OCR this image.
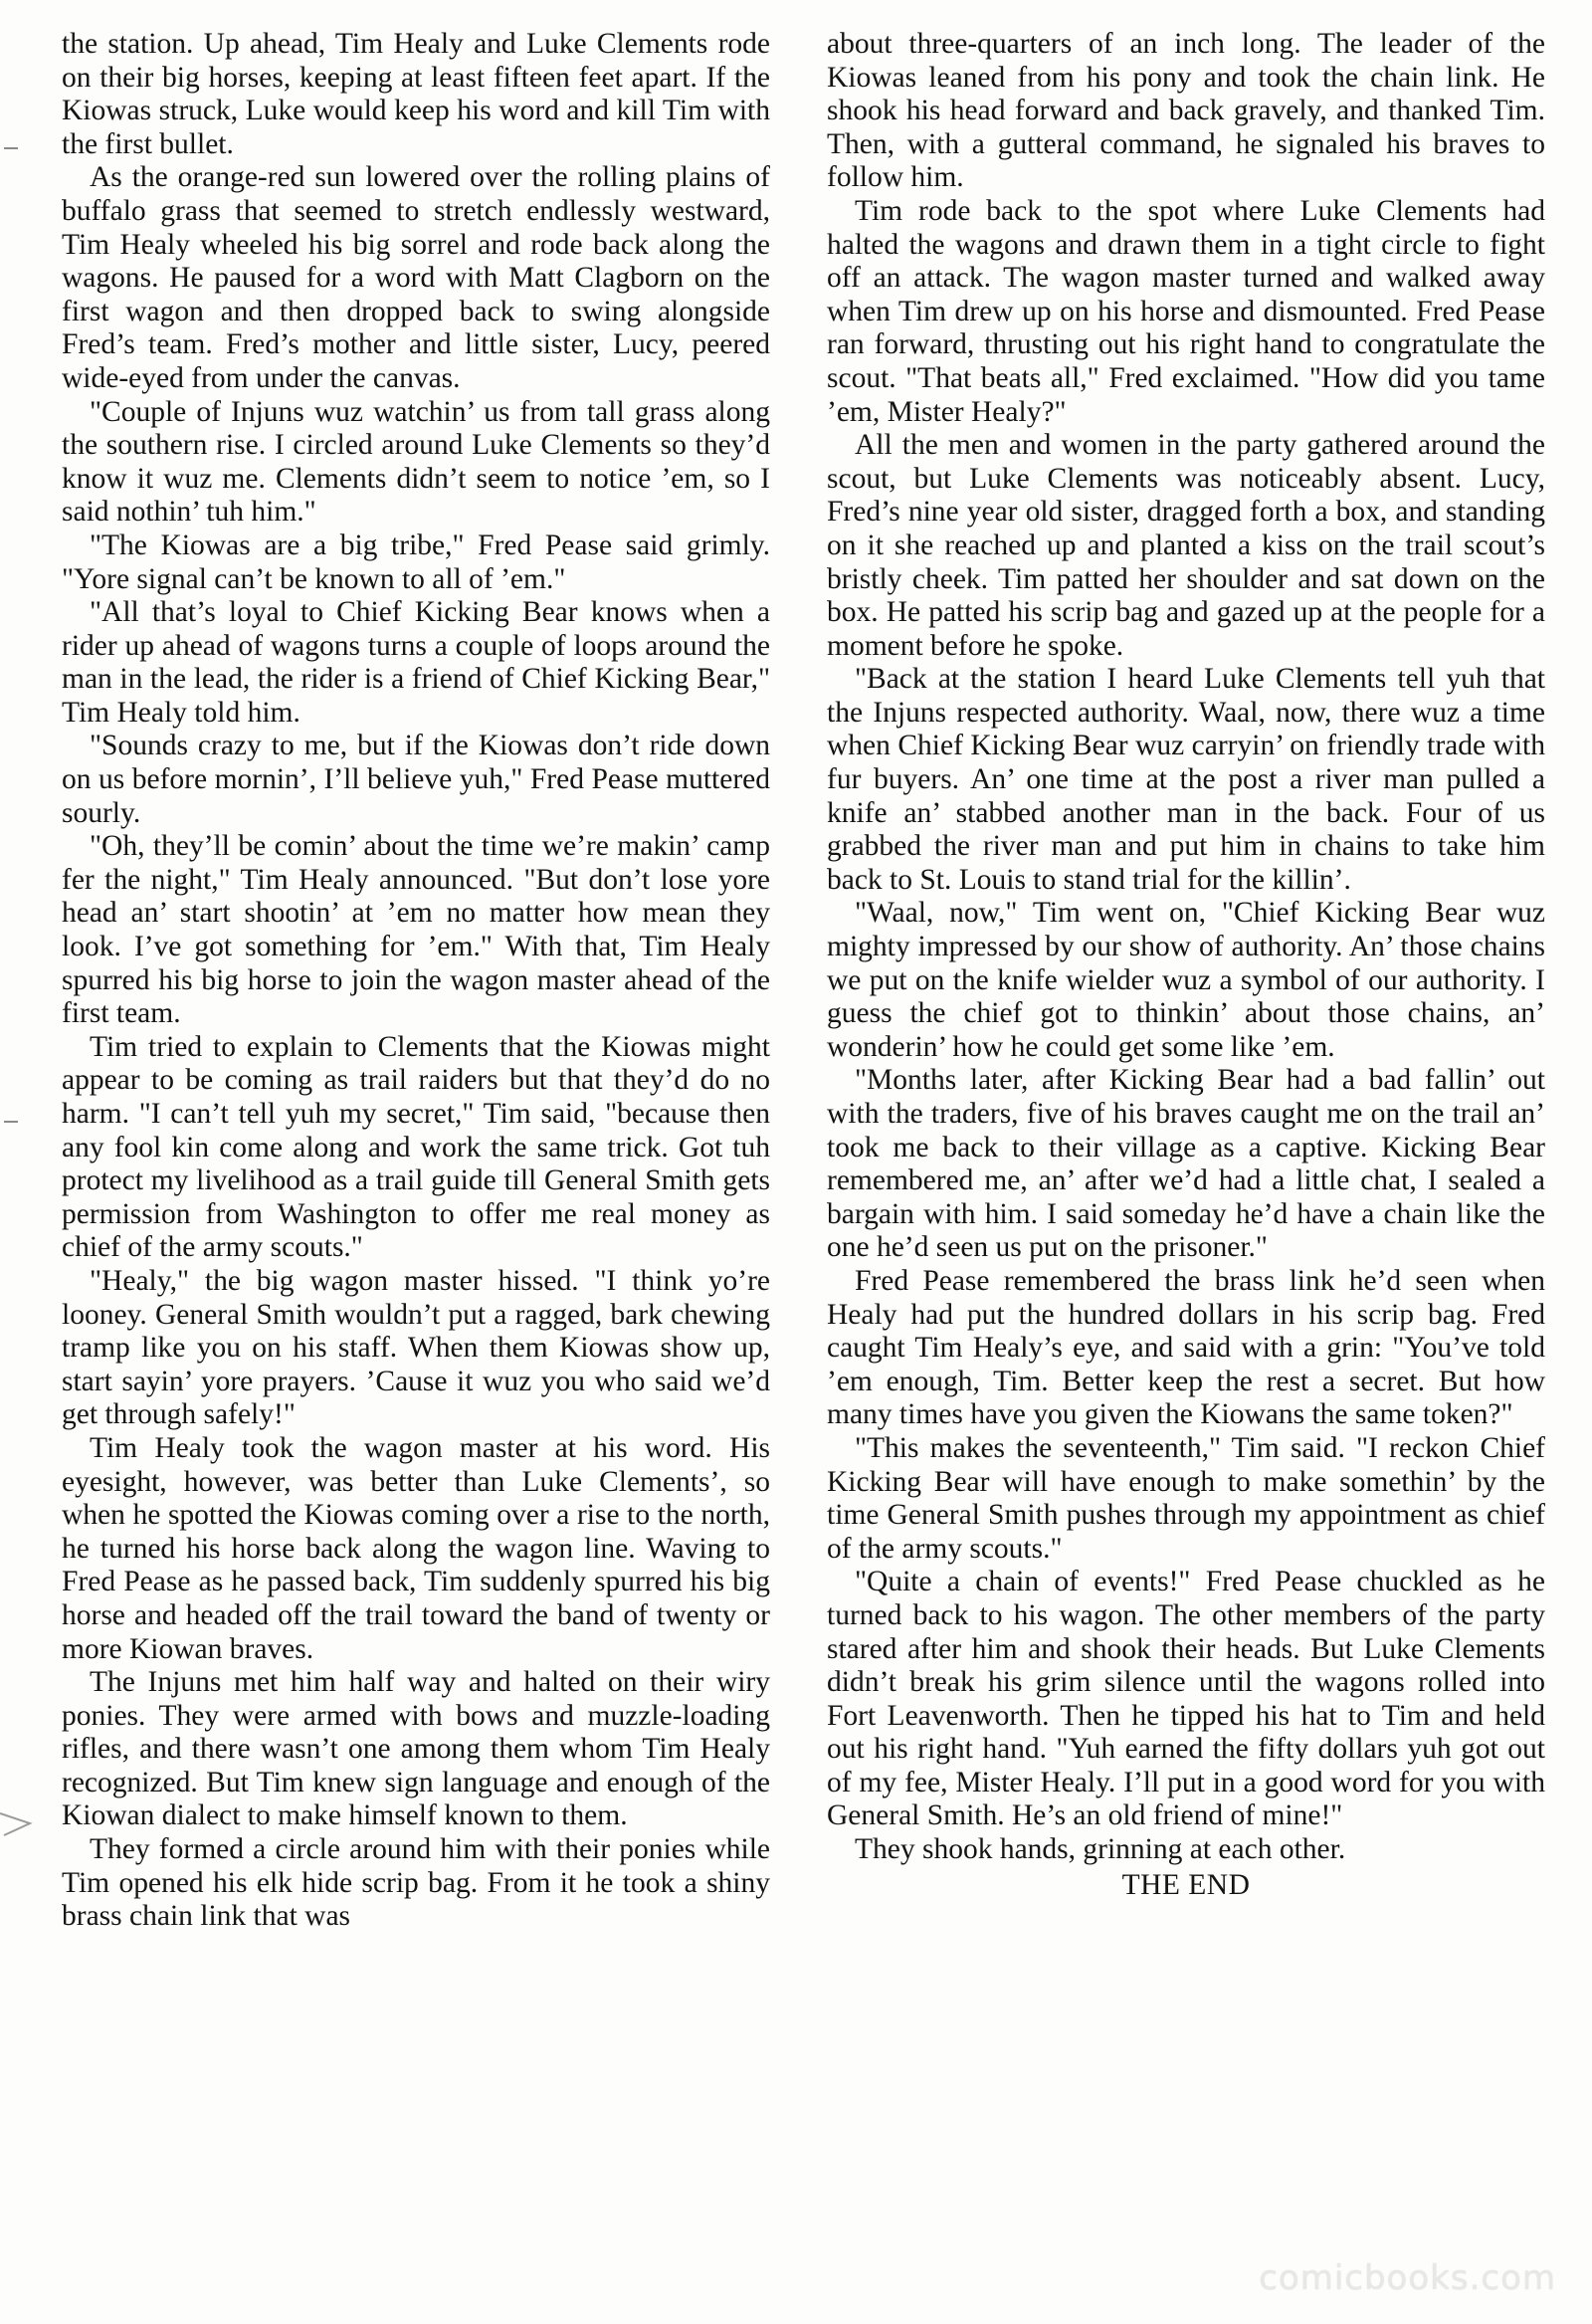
the station. Up ahead, Tim Healy and Luke Clements rode on their big horses, keeping at least fifteen feet apart. If the Kiowas struck, Luke would keep his word and kill Tim with the first bullet.

As the orange-red sun lowered over the rolling plains of buffalo grass that seemed to stretch endlessly westward, Tim Healy wheeled his big sorrel and rode back along the wagons. He paused for a word with Matt Clagborn on the first wagon and then dropped back to swing alongside Fred’s team. Fred’s mother and little sister, Lucy, peered wide-eyed from under the canvas.

"Couple of Injuns wuz watchin’ us from tall grass along the southern rise. I circled around Luke Clements so they’d know it wuz me. Clements didn’t seem to notice ’em, so I said nothin’ tuh him."

"The Kiowas are a big tribe," Fred Pease said grimly. "Yore signal can’t be known to all of ’em."

"All that’s loyal to Chief Kicking Bear knows when a rider up ahead of wagons turns a couple of loops around the man in the lead, the rider is a friend of Chief Kicking Bear," Tim Healy told him.

"Sounds crazy to me, but if the Kiowas don’t ride down on us before mornin’, I’ll believe yuh," Fred Pease muttered sourly.

"Oh, they’ll be comin’ about the time we’re makin’ camp fer the night," Tim Healy announced. "But don’t lose yore head an’ start shootin’ at ’em no matter how mean they look. I’ve got something for ’em." With that, Tim Healy spurred his big horse to join the wagon master ahead of the first team.

Tim tried to explain to Clements that the Kiowas might appear to be coming as trail raiders but that they’d do no harm. "I can’t tell yuh my secret," Tim said, "because then any fool kin come along and work the same trick. Got tuh protect my livelihood as a trail guide till General Smith gets permission from Washington to offer me real money as chief of the army scouts."

"Healy," the big wagon master hissed. "I think yo’re looney. General Smith wouldn’t put a ragged, bark chewing tramp like you on his staff. When them Kiowas show up, start sayin’ yore prayers. ’Cause it wuz you who said we’d get through safely!"

Tim Healy took the wagon master at his word. His eyesight, however, was better than Luke Clements’, so when he spotted the Kiowas coming over a rise to the north, he turned his horse back along the wagon line. Waving to Fred Pease as he passed back, Tim suddenly spurred his big horse and headed off the trail toward the band of twenty or more Kiowan braves.

The Injuns met him half way and halted on their wiry ponies. They were armed with bows and muzzle-loading rifles, and there wasn’t one among them whom Tim Healy recognized. But Tim knew sign language and enough of the Kiowan dialect to make himself known to them.

They formed a circle around him with their ponies while Tim opened his elk hide scrip bag. From it he took a shiny brass chain link that was

about three-quarters of an inch long. The leader of the Kiowas leaned from his pony and took the chain link. He shook his head forward and back gravely, and thanked Tim. Then, with a gutteral command, he signaled his braves to follow him.

Tim rode back to the spot where Luke Clements had halted the wagons and drawn them in a tight circle to fight off an attack. The wagon master turned and walked away when Tim drew up on his horse and dismounted. Fred Pease ran forward, thrusting out his right hand to congratulate the scout. "That beats all," Fred exclaimed. "How did you tame ’em, Mister Healy?"

All the men and women in the party gathered around the scout, but Luke Clements was noticeably absent. Lucy, Fred’s nine year old sister, dragged forth a box, and standing on it she reached up and planted a kiss on the trail scout’s bristly cheek. Tim patted her shoulder and sat down on the box. He patted his scrip bag and gazed up at the people for a moment before he spoke.

"Back at the station I heard Luke Clements tell yuh that the Injuns respected authority. Waal, now, there wuz a time when Chief Kicking Bear wuz carryin’ on friendly trade with fur buyers. An’ one time at the post a river man pulled a knife an’ stabbed another man in the back. Four of us grabbed the river man and put him in chains to take him back to St. Louis to stand trial for the killin’.

"Waal, now," Tim went on, "Chief Kicking Bear wuz mighty impressed by our show of authority. An’ those chains we put on the knife wielder wuz a symbol of our authority. I guess the chief got to thinkin’ about those chains, an’ wonderin’ how he could get some like ’em.

"Months later, after Kicking Bear had a bad fallin’ out with the traders, five of his braves caught me on the trail an’ took me back to their village as a captive. Kicking Bear remembered me, an’ after we’d had a little chat, I sealed a bargain with him. I said someday he’d have a chain like the one he’d seen us put on the prisoner."

Fred Pease remembered the brass link he’d seen when Healy had put the hundred dollars in his scrip bag. Fred caught Tim Healy’s eye, and said with a grin: "You’ve told ’em enough, Tim. Better keep the rest a secret. But how many times have you given the Kiowans the same token?"

"This makes the seventeenth," Tim said. "I reckon Chief Kicking Bear will have enough to make somethin’ by the time General Smith pushes through my appointment as chief of the army scouts."

"Quite a chain of events!" Fred Pease chuckled as he turned back to his wagon. The other members of the party stared after him and shook their heads. But Luke Clements didn’t break his grim silence until the wagons rolled into Fort Leavenworth. Then he tipped his hat to Tim and held out his right hand. "Yuh earned the fifty dollars yuh got out of my fee, Mister Healy. I’ll put in a good word for you with General Smith. He’s an old friend of mine!"

They shook hands, grinning at each other.

THE END

comicbooks.com
